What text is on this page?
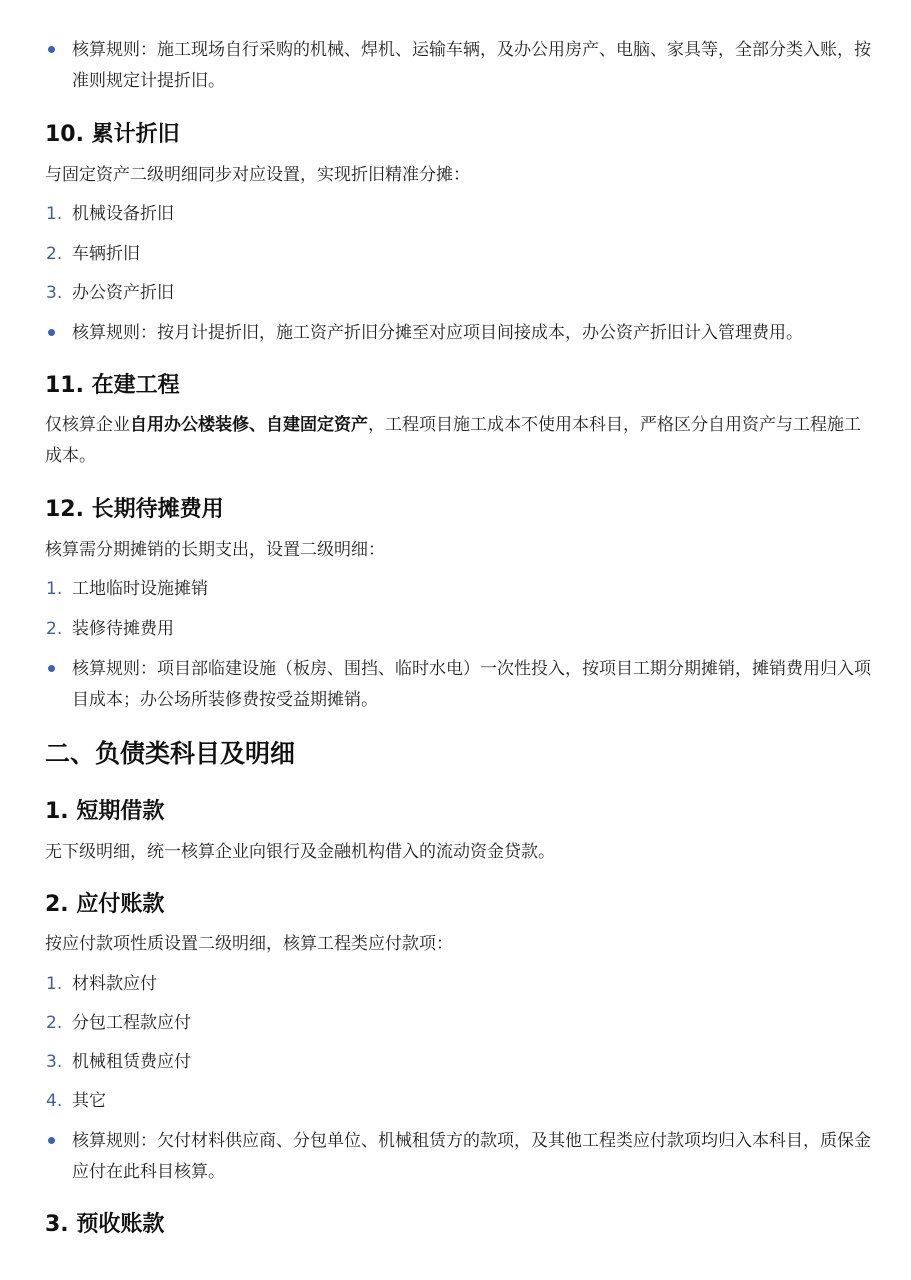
核算规则：施工现场自行采购的机械、焊机、运输车辆，及办公用房产、电脑、家具等，全部分类入账，按准则规定计提折旧。
10. 累计折旧
与固定资产二级明细同步对应设置，实现折旧精准分摊：
1. 机械设备折旧
2. 车辆折旧
3. 办公资产折旧
核算规则：按月计提折旧，施工资产折旧分摊至对应项目间接成本，办公资产折旧计入管理费用。
11. 在建工程
仅核算企业自用办公楼装修、自建固定资产，工程项目施工成本不使用本科目，严格区分自用资产与工程施工成本。
12. 长期待摊费用
核算需分期摊销的长期支出，设置二级明细：
1. 工地临时设施摊销
2. 装修待摊费用
核算规则：项目部临建设施（板房、围挡、临时水电）一次性投入，按项目工期分期摊销，摊销费用归入项目成本；办公场所装修费按受益期摊销。
二、负债类科目及明细
1. 短期借款
无下级明细，统一核算企业向银行及金融机构借入的流动资金贷款。
2. 应付账款
按应付款项性质设置二级明细，核算工程类应付款项：
1. 材料款应付
2. 分包工程款应付
3. 机械租赁费应付
4. 其它
核算规则：欠付材料供应商、分包单位、机械租赁方的款项，及其他工程类应付款项均归入本科目，质保金应付在此科目核算。
3. 预收账款
